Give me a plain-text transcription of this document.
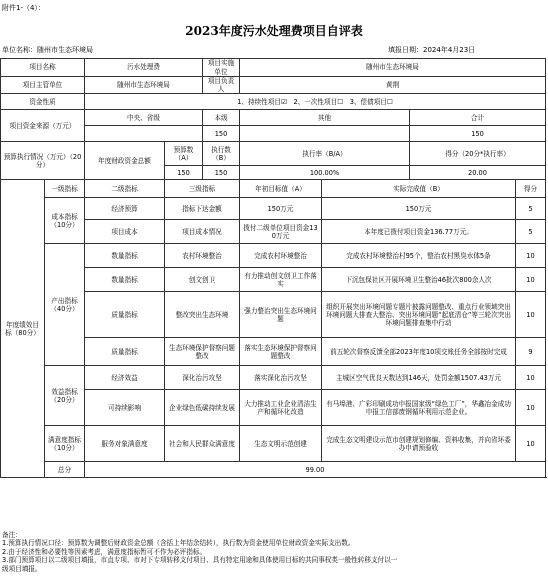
附件1-（4）：
2023年度污水处理费项目自评表
单位名称：随州市生态环境局	填报日期：2024年4月23日
项目名称		污水处理费		项目实施单位	随州市生态环境局			
项目主管单位		随州市生态环境局		项目负责人	黄荆			
资金性质		1、持续性项目☑　2、一次性项目☐　3、偿债项目☐						
项目资金来源（万元）		中央、省级		本级	其他		合计	
				150			150	
预算执行情况（万元）（20分）		年度财政资金总额	预算数（A）	执行数（B）	执行率（B/A）		得分（20分*执行率）	
			150	150	100.00%		20.00	
年度绩效目标（80分）	一级指标	二级指标	三级指标		年初目标值（A）	实际完成值（B）		得分
	成本指标（10分）	经济预算	指标下达金额		150万元	150万元		5
		项目成本	项目成本情况		拨付二级单位项目资金130万元	本年度已拨付项目资金136.77万元。		5
	产出指标（40分）	数量指标	农村环境整治		完成农村环境整治	完成农村环境整治村95个，整治农村黑臭水体5条		10
		数量指标	创文创卫		有力推动创文创卫工作落实	下沉包保社区开展环境卫生整治46批次800余人次		10
		质量指标	整改突出生态环境		强力整治突出生态环境问题	组织开展突出环境问题专题片披露问题整改、重点行业领域突出环境问题大排查大整治、突出环境问题“起底清仓”等三轮次突出环境问题排查集中行动		10
		质量指标	生态环境保护督察问题整改		落实生态环境保护督察问题整改	前五轮次督察反馈全部2023年度10项交账任务全部按时完成		9
	效益指标（20分）	经济效益	深化治污攻坚		落实深化治污攻坚	主城区空气优良天数达到146天，处罚金额1507.43万元		10
		可持续影响	企业绿色低碳持续发展		大力推动工业企业清洁生产和循环化改造	有马埠港、广彩印刷成功申报国家级“绿色工厂”，华鑫冶金成功申报工信部废钢循环利用示范企业。		10
	满意度指标（10分）	服务对象满意度	社会和人民群众满意度		生态文明示范创建	完成生态文明建设示范市创建规划修编、资料收集，并向省环委办申请预验收		10
	总分	99.00						
备注：
1.预算执行情况口径：预算数为调整后财政资金总额（含括上年结余结转），执行数为资金使用单位财政资金实际支出数。
2.由于经济性和必要性等因素考虑，满意度指标暂可不作为必评指标。
3.部门预算项目以二级项目填报，市直专项、市对下专项转移支付项目、具有特定用途和具体使用目标的共同事权类一般性转移支付以一
级项目填报。
